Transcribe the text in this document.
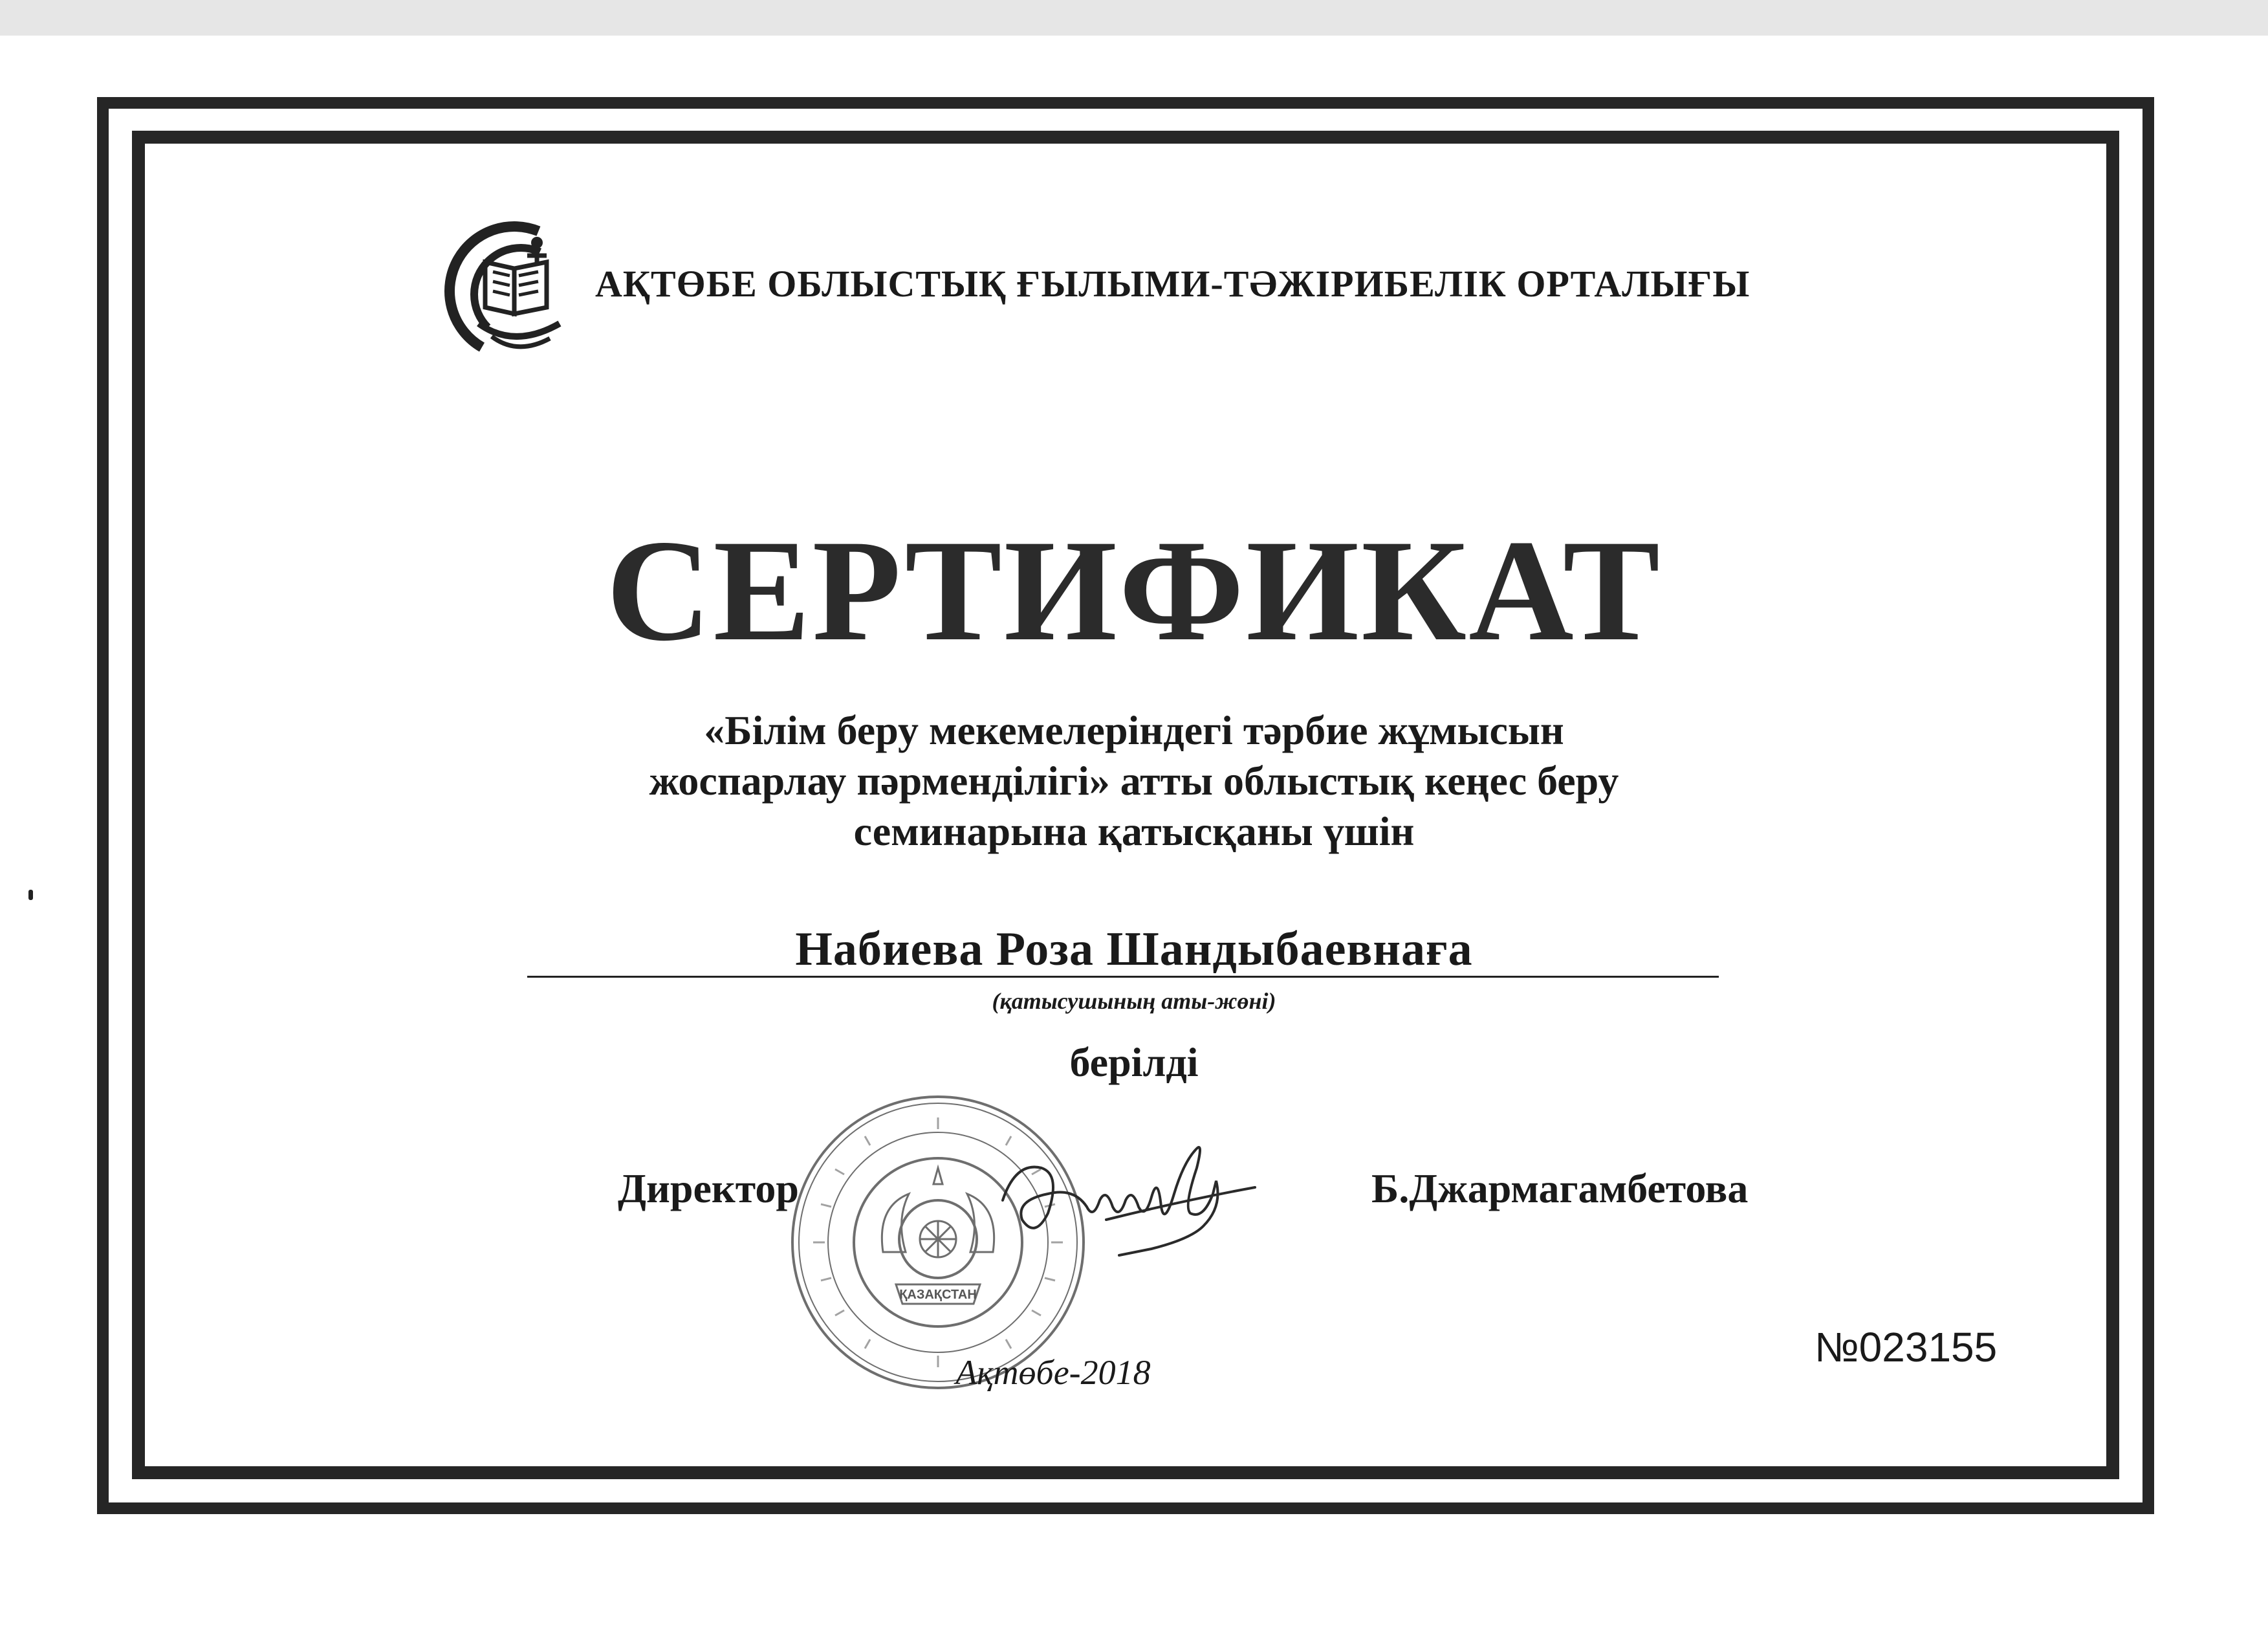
АҚТӨБЕ ОБЛЫСТЫҚ ҒЫЛЫМИ-ТӘЖІРИБЕЛІК ОРТАЛЫҒЫ
СЕРТИФИКАТ
«Білім беру мекемелеріндегі тәрбие жұмысын
жоспарлау пәрмендiлiгi» атты облыстық кеңес беру
семинарына қатысқаны үшін
Набиева Роза Шандыбаевнаға
(қатысушының аты-жөні)
берілді
ҚАЗАҚСТАН
Директор	Б.Джармагамбетова
Ақтөбе-2018
№023155
